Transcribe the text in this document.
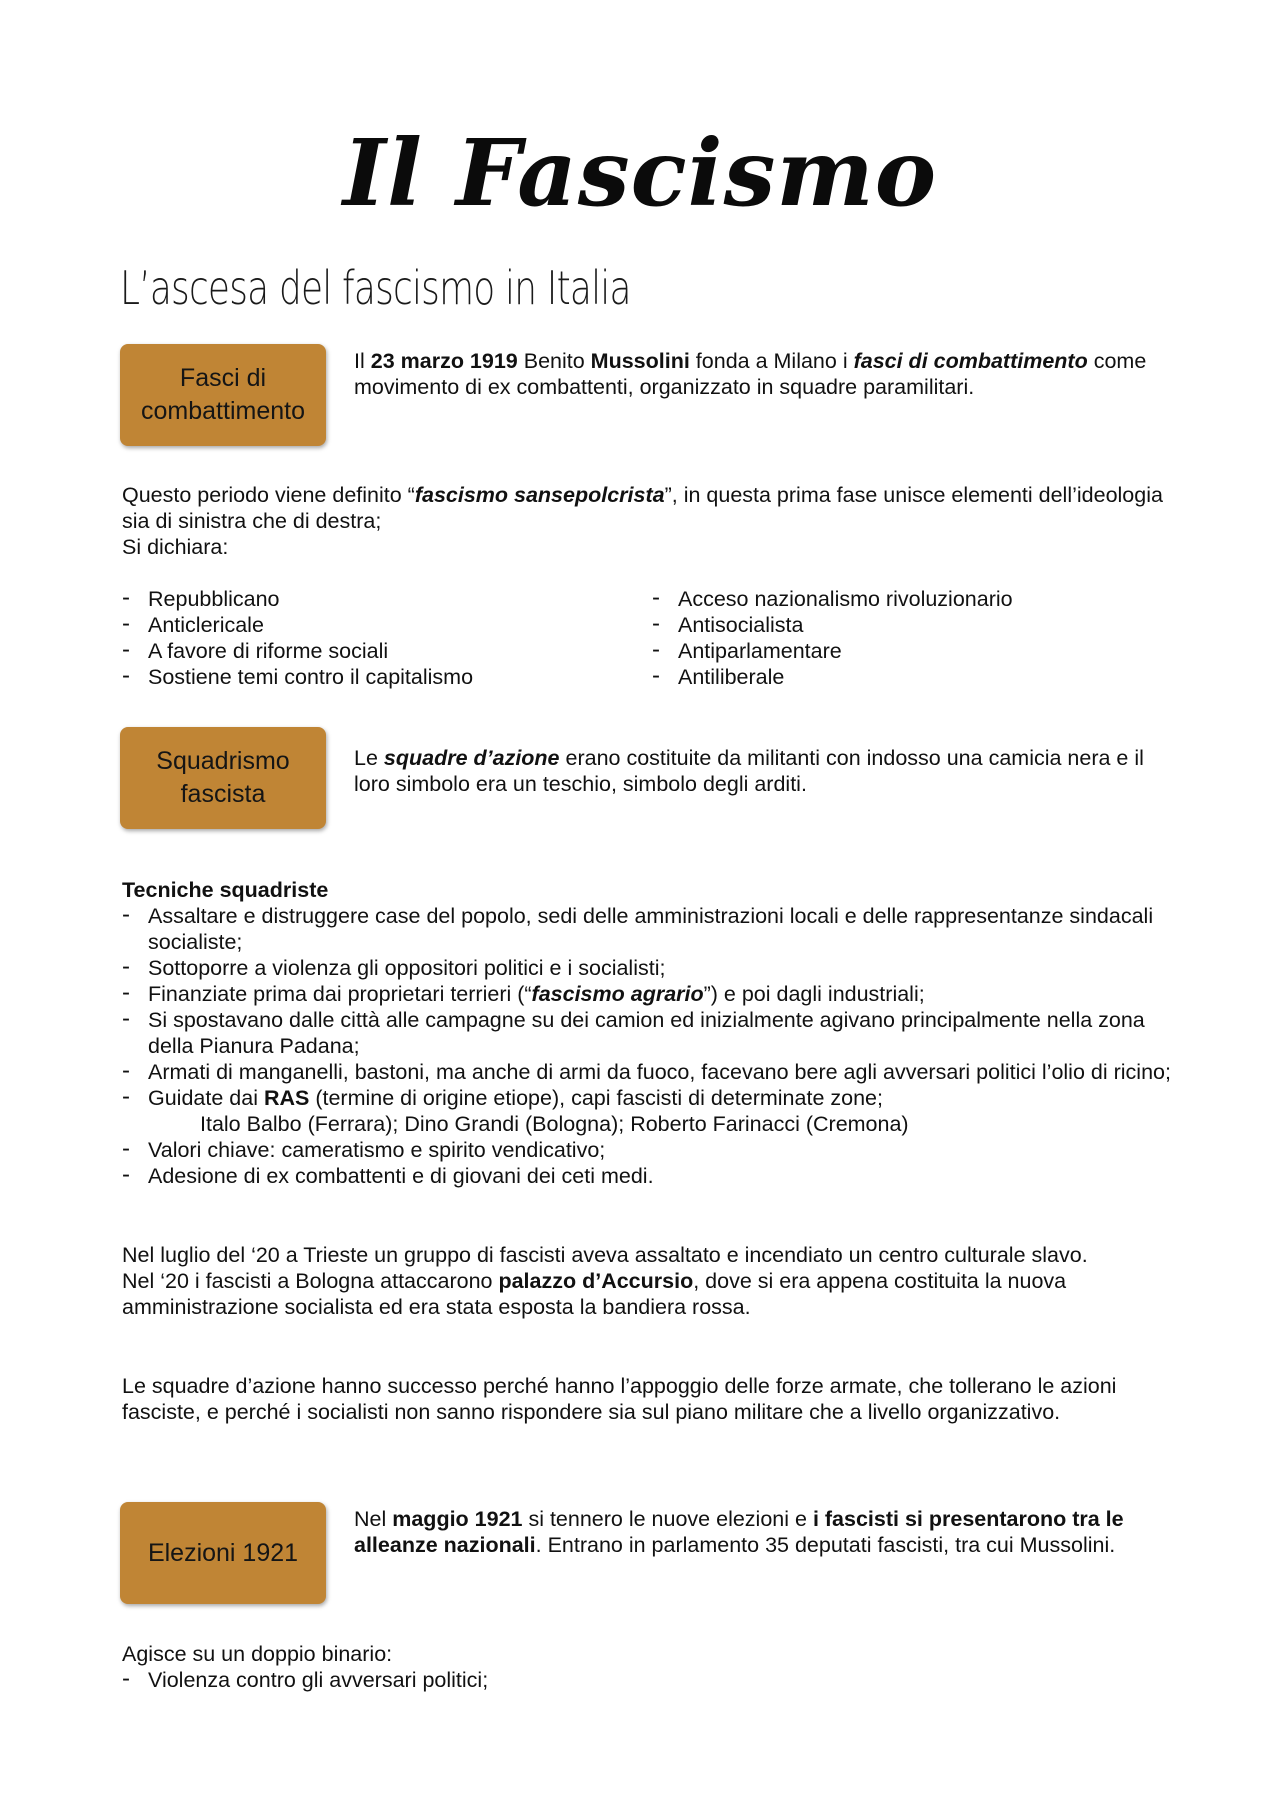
Il Fascismo
L’ascesa del fascismo in Italia
Fasci di combattimento

Il 23 marzo 1919 Benito Mussolini fonda a Milano i fasci di combattimento come movimento di ex combattenti, organizzato in squadre paramilitari.

Questo periodo viene definito “fascismo sansepolcrista”, in questa prima fase unisce elementi dell’ideologia sia di sinistra che di destra;
Si dichiara:

- Repubblicano
- Anticlericale
- A favore di riforme sociali
- Sostiene temi contro il capitalismo
- Acceso nazionalismo rivoluzionario
- Antisocialista
- Antiparlamentare
- Antiliberale
Squadrismo fascista

Le squadre d’azione erano costituite da militanti con indosso una camicia nera e il loro simbolo era un teschio, simbolo degli arditi.

Tecniche squadriste

- Assaltare e distruggere case del popolo, sedi delle amministrazioni locali e delle rappresentanze sindacali socialiste;
- Sottoporre a violenza gli oppositori politici e i socialisti;
- Finanziate prima dai proprietari terrieri (“fascismo agrario”) e poi dagli industriali;
- Si spostavano dalle città alle campagne su dei camion ed inizialmente agivano principalmente nella zona della Pianura Padana;
- Armati di manganelli, bastoni, ma anche di armi da fuoco, facevano bere agli avversari politici l’olio di ricino;
- Guidate dai RAS (termine di origine etiope), capi fascisti di determinate zone;
Italo Balbo (Ferrara); Dino Grandi (Bologna); Roberto Farinacci (Cremona)
- Valori chiave: cameratismo e spirito vendicativo;
- Adesione di ex combattenti e di giovani dei ceti medi.

Nel luglio del ‘20 a Trieste un gruppo di fascisti aveva assaltato e incendiato un centro culturale slavo.
Nel ‘20 i fascisti a Bologna attaccarono palazzo d’Accursio, dove si era appena costituita la nuova amministrazione socialista ed era stata esposta la bandiera rossa.

Le squadre d’azione hanno successo perché hanno l’appoggio delle forze armate, che tollerano le azioni fasciste, e perché i socialisti non sanno rispondere sia sul piano militare che a livello organizzativo.

Elezioni 1921

Nel maggio 1921 si tennero le nuove elezioni e i fascisti si presentarono tra le alleanze nazionali. Entrano in parlamento 35 deputati fascisti, tra cui Mussolini.

Agisce su un doppio binario:

- Violenza contro gli avversari politici;
